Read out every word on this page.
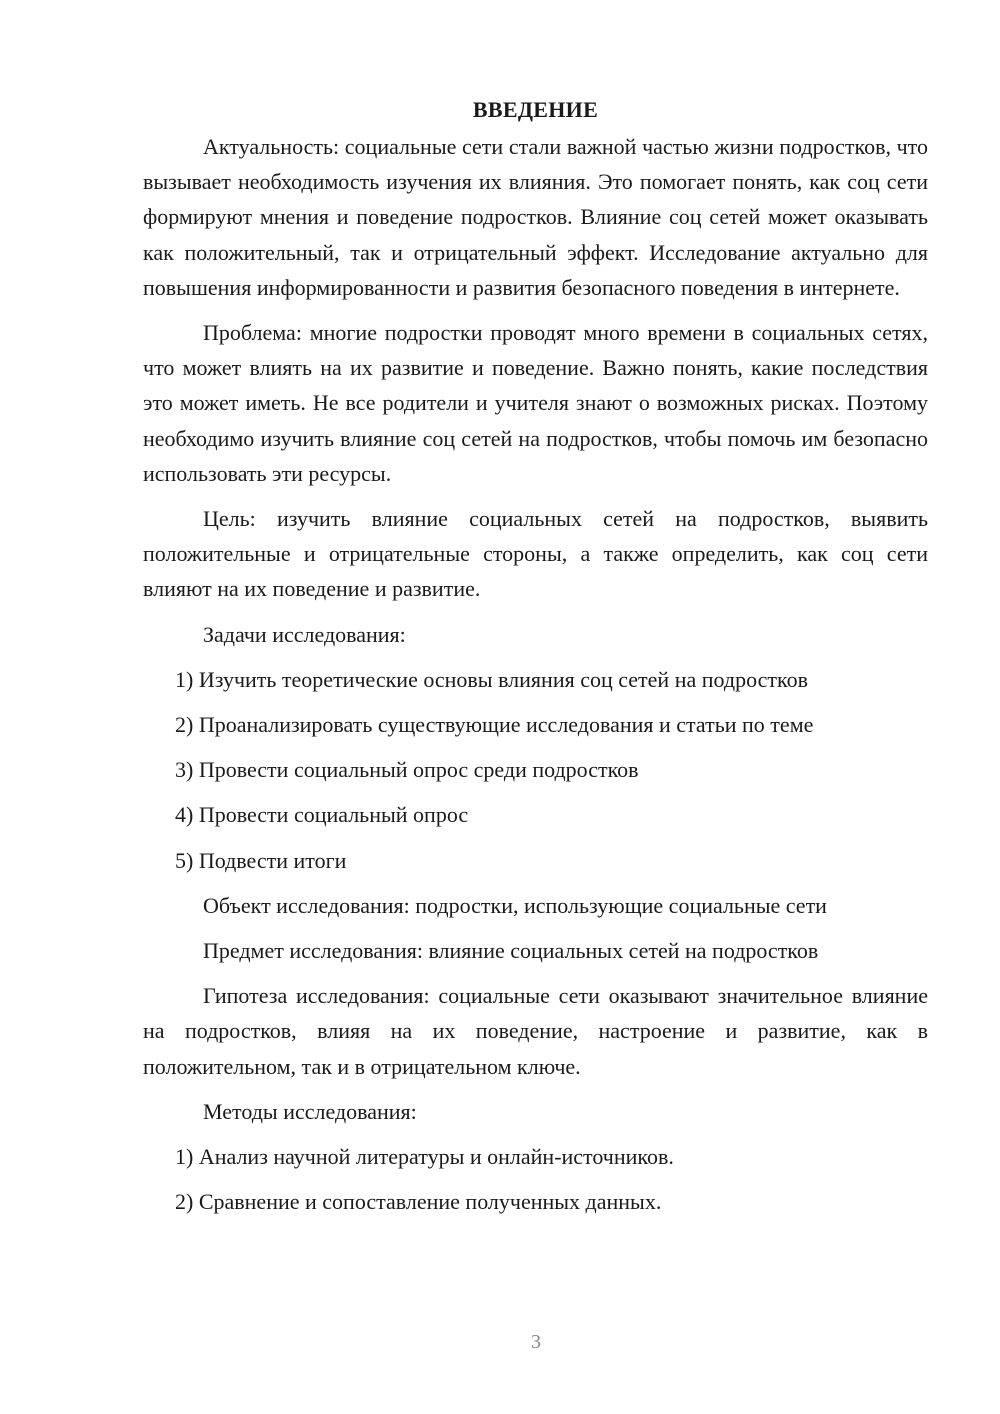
ВВЕДЕНИЕ

Актуальность: социальные сети стали важной частью жизни подростков, что вызывает необходимость изучения их влияния. Это помогает понять, как соц сети формируют мнения и поведение подростков. Влияние соц сетей может оказывать как положительный, так и отрицательный эффект. Исследование актуально для повышения информированности и развития безопасного поведения в интернете.

Проблема: многие подростки проводят много времени в социальных сетях, что может влиять на их развитие и поведение. Важно понять, какие последствия это может иметь. Не все родители и учителя знают о возможных рисках. Поэтому необходимо изучить влияние соц сетей на подростков, чтобы помочь им безопасно использовать эти ресурсы.

Цель: изучить влияние социальных сетей на подростков, выявить положительные и отрицательные стороны, а также определить, как соц сети влияют на их поведение и развитие.

Задачи исследования:
1) Изучить теоретические основы влияния соц сетей на подростков
2) Проанализировать существующие исследования и статьи по теме
3) Провести социальный опрос среди подростков
4) Провести социальный опрос
5) Подвести итоги
Объект исследования: подростки, использующие социальные сети
Предмет исследования: влияние социальных сетей на подростков

Гипотеза исследования: социальные сети оказывают значительное влияние на подростков, влияя на их поведение, настроение и развитие, как в положительном, так и в отрицательном ключе.

Методы исследования:
1) Анализ научной литературы и онлайн-источников.
2) Сравнение и сопоставление полученных данных.
3
